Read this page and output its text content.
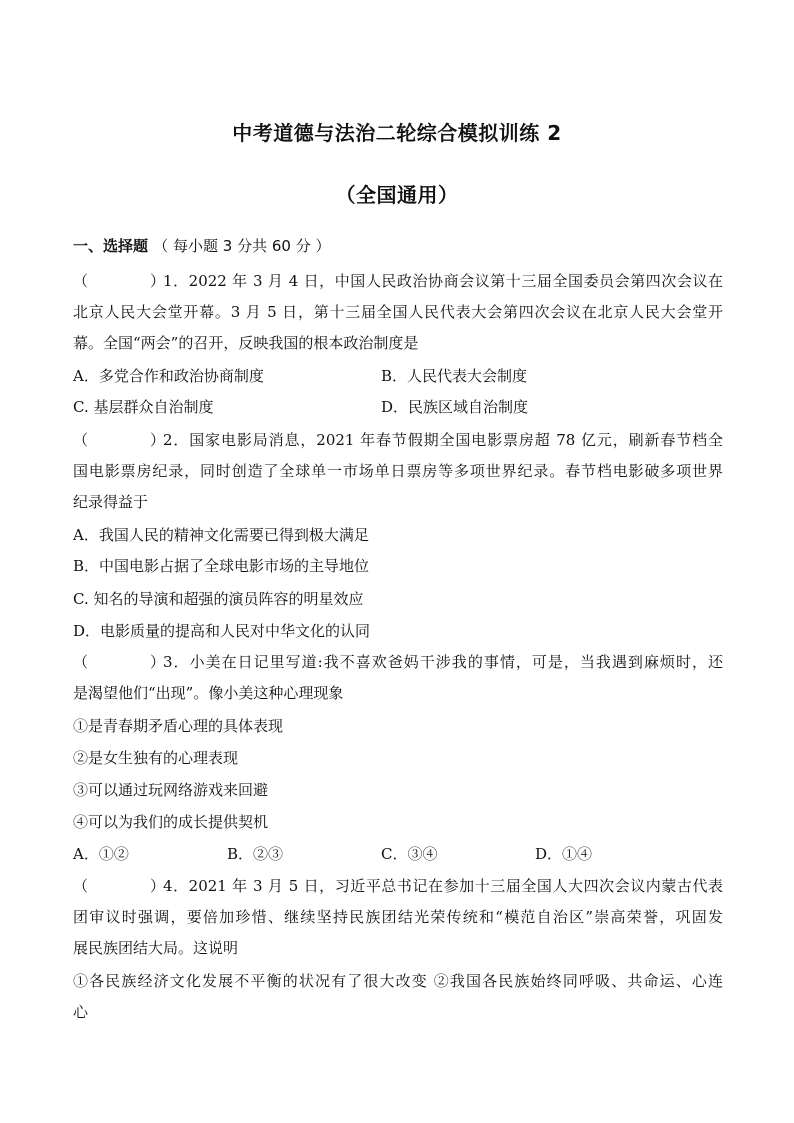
中考道德与法治二轮综合模拟训练 2
（全国通用）
一、选择题 （ 每小题 3 分共 60 分 ）
（	）1．2022 年 3 月 4 日，中国人民政治协商会议第十三届全国委员会第四次会议在
北京人民大会堂开幕。3 月 5 日，第十三届全国人民代表大会第四次会议在北京人民大会堂开
幕。全国“两会”的召开，反映我国的根本政治制度是
A．多党合作和政治协商制度	B．人民代表大会制度
C. 基层群众自治制度	D．民族区域自治制度
（	）2．国家电影局消息，2021 年春节假期全国电影票房超 78 亿元，刷新春节档全
国电影票房纪录，同时创造了全球单一市场单日票房等多项世界纪录。春节档电影破多项世界
纪录得益于
A．我国人民的精神文化需要已得到极大满足
B．中国电影占据了全球电影市场的主导地位
C. 知名的导演和超强的演员阵容的明星效应
D．电影质量的提高和人民对中华文化的认同
（	）3．小美在日记里写道:我不喜欢爸妈干涉我的事情，可是，当我遇到麻烦时，还
是渴望他们“出现”。像小美这种心理现象
①是青春期矛盾心理的具体表现
②是女生独有的心理表现
③可以通过玩网络游戏来回避
④可以为我们的成长提供契机
A．①②	B．②③	C．③④	D．①④
（	）4．2021 年 3 月 5 日，习近平总书记在参加十三届全国人大四次会议内蒙古代表
团审议时强调，要倍加珍惜、继续坚持民族团结光荣传统和“模范自治区”崇高荣誉，巩固发
展民族团结大局。这说明
①各民族经济文化发展不平衡的状况有了很大改变 ②我国各民族始终同呼吸、共命运、心连
心
